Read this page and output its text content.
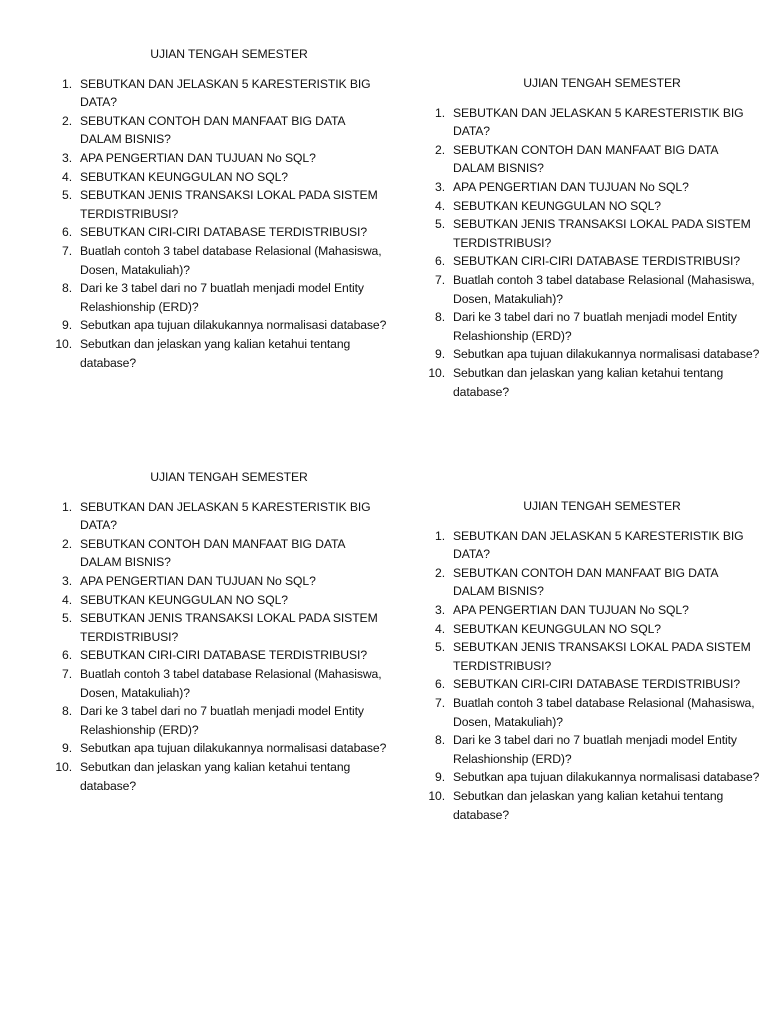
UJIAN TENGAH SEMESTER
1. SEBUTKAN DAN JELASKAN 5 KARESTERISTIK BIG DATA?
2. SEBUTKAN CONTOH DAN MANFAAT BIG DATA DALAM BISNIS?
3. APA PENGERTIAN DAN TUJUAN No SQL?
4. SEBUTKAN KEUNGGULAN NO SQL?
5. SEBUTKAN JENIS TRANSAKSI LOKAL PADA SISTEM TERDISTRIBUSI?
6. SEBUTKAN CIRI-CIRI DATABASE TERDISTRIBUSI?
7. Buatlah contoh 3 tabel database Relasional (Mahasiswa, Dosen, Matakuliah)?
8. Dari ke 3 tabel dari no 7 buatlah menjadi model Entity Relashionship (ERD)?
9. Sebutkan apa tujuan dilakukannya normalisasi database?
10. Sebutkan dan jelaskan yang kalian ketahui tentang database?
UJIAN TENGAH SEMESTER
1. SEBUTKAN DAN JELASKAN 5 KARESTERISTIK BIG DATA?
2. SEBUTKAN CONTOH DAN MANFAAT BIG DATA DALAM BISNIS?
3. APA PENGERTIAN DAN TUJUAN No SQL?
4. SEBUTKAN KEUNGGULAN NO SQL?
5. SEBUTKAN JENIS TRANSAKSI LOKAL PADA SISTEM TERDISTRIBUSI?
6. SEBUTKAN CIRI-CIRI DATABASE TERDISTRIBUSI?
7. Buatlah contoh 3 tabel database Relasional (Mahasiswa, Dosen, Matakuliah)?
8. Dari ke 3 tabel dari no 7 buatlah menjadi model Entity Relashionship (ERD)?
9. Sebutkan apa tujuan dilakukannya normalisasi database?
10. Sebutkan dan jelaskan yang kalian ketahui tentang database?
UJIAN TENGAH SEMESTER
1. SEBUTKAN DAN JELASKAN 5 KARESTERISTIK BIG DATA?
2. SEBUTKAN CONTOH DAN MANFAAT BIG DATA DALAM BISNIS?
3. APA PENGERTIAN DAN TUJUAN No SQL?
4. SEBUTKAN KEUNGGULAN NO SQL?
5. SEBUTKAN JENIS TRANSAKSI LOKAL PADA SISTEM TERDISTRIBUSI?
6. SEBUTKAN CIRI-CIRI DATABASE TERDISTRIBUSI?
7. Buatlah contoh 3 tabel database Relasional (Mahasiswa, Dosen, Matakuliah)?
8. Dari ke 3 tabel dari no 7 buatlah menjadi model Entity Relashionship (ERD)?
9. Sebutkan apa tujuan dilakukannya normalisasi database?
10. Sebutkan dan jelaskan yang kalian ketahui tentang database?
UJIAN TENGAH SEMESTER
1. SEBUTKAN DAN JELASKAN 5 KARESTERISTIK BIG DATA?
2. SEBUTKAN CONTOH DAN MANFAAT BIG DATA DALAM BISNIS?
3. APA PENGERTIAN DAN TUJUAN No SQL?
4. SEBUTKAN KEUNGGULAN NO SQL?
5. SEBUTKAN JENIS TRANSAKSI LOKAL PADA SISTEM TERDISTRIBUSI?
6. SEBUTKAN CIRI-CIRI DATABASE TERDISTRIBUSI?
7. Buatlah contoh 3 tabel database Relasional (Mahasiswa, Dosen, Matakuliah)?
8. Dari ke 3 tabel dari no 7 buatlah menjadi model Entity Relashionship (ERD)?
9. Sebutkan apa tujuan dilakukannya normalisasi database?
10. Sebutkan dan jelaskan yang kalian ketahui tentang database?
